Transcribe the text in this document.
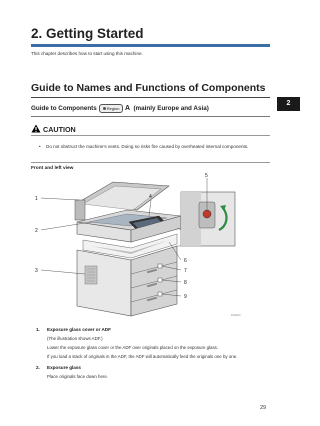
2. Getting Started
This chapter describes how to start using this machine.
Guide to Names and Functions of Components
Guide to Components	Region A (mainly Europe and Asia)
CAUTION
• Do not obstruct the machine's vents. Doing so risks fire caused by overheated internal components.
Front and left view
1
2
3
4
5
6
7
8
9
DHF001
1. Exposure glass cover or ADF
(The illustration shows ADF.)
Lower the exposure glass cover or the ADF over originals placed on the exposure glass.
If you load a stack of originals in the ADF, the ADF will automatically feed the originals one by one.
2. Exposure glass
Place originals face down here.
2
29
